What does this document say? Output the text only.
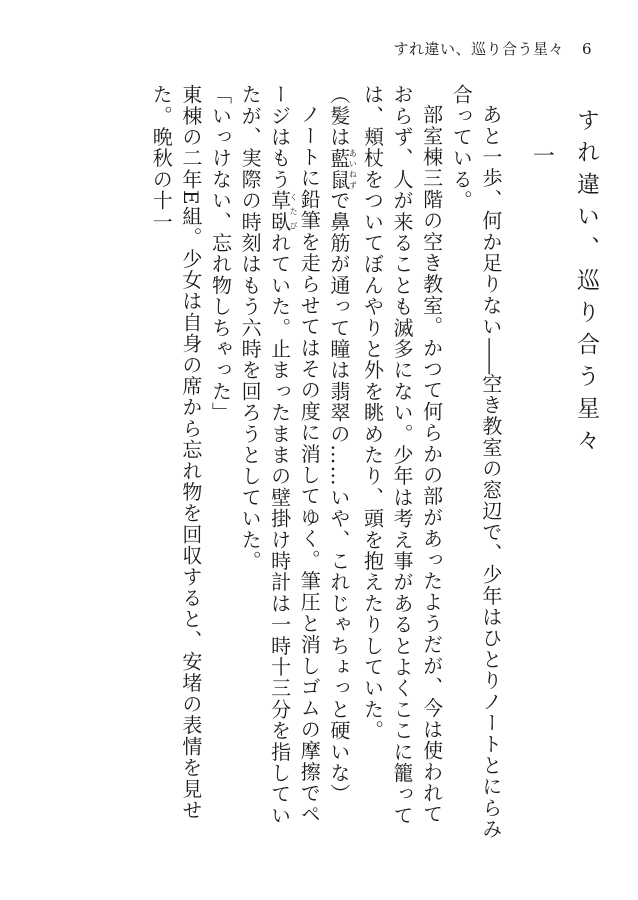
すれ違い、巡り合う星々 6
すれ違い、巡り合う星々
一

あと一歩、何か足りない——空き教室の窓辺で、少年はひとりノートとにらみ合っている。

部室棟三階の空き教室。かつて何らかの部があったようだが、今は使われておらず、人が来ることも滅多にない。少年は考え事があるとよくここに籠っては、頬杖をついてぼんやりと外を眺めたり、頭を抱えたりしていた。

（髪は藍鼠あいねずで鼻筋が通って瞳は翡翠の……いや、これじゃちょっと硬いな）

ノートに鉛筆を走らせてはその度に消してゆく。筆圧と消しゴムの摩擦でページはもう草臥くたびれていた。止まったままの壁掛け時計は一時十三分を指していたが、実際の時刻はもう六時を回ろうとしていた。

「いっけない、忘れ物しちゃった」

東棟の二年E組。少女は自身の席から忘れ物を回収すると、安堵の表情を見せた。晩秋の十一
